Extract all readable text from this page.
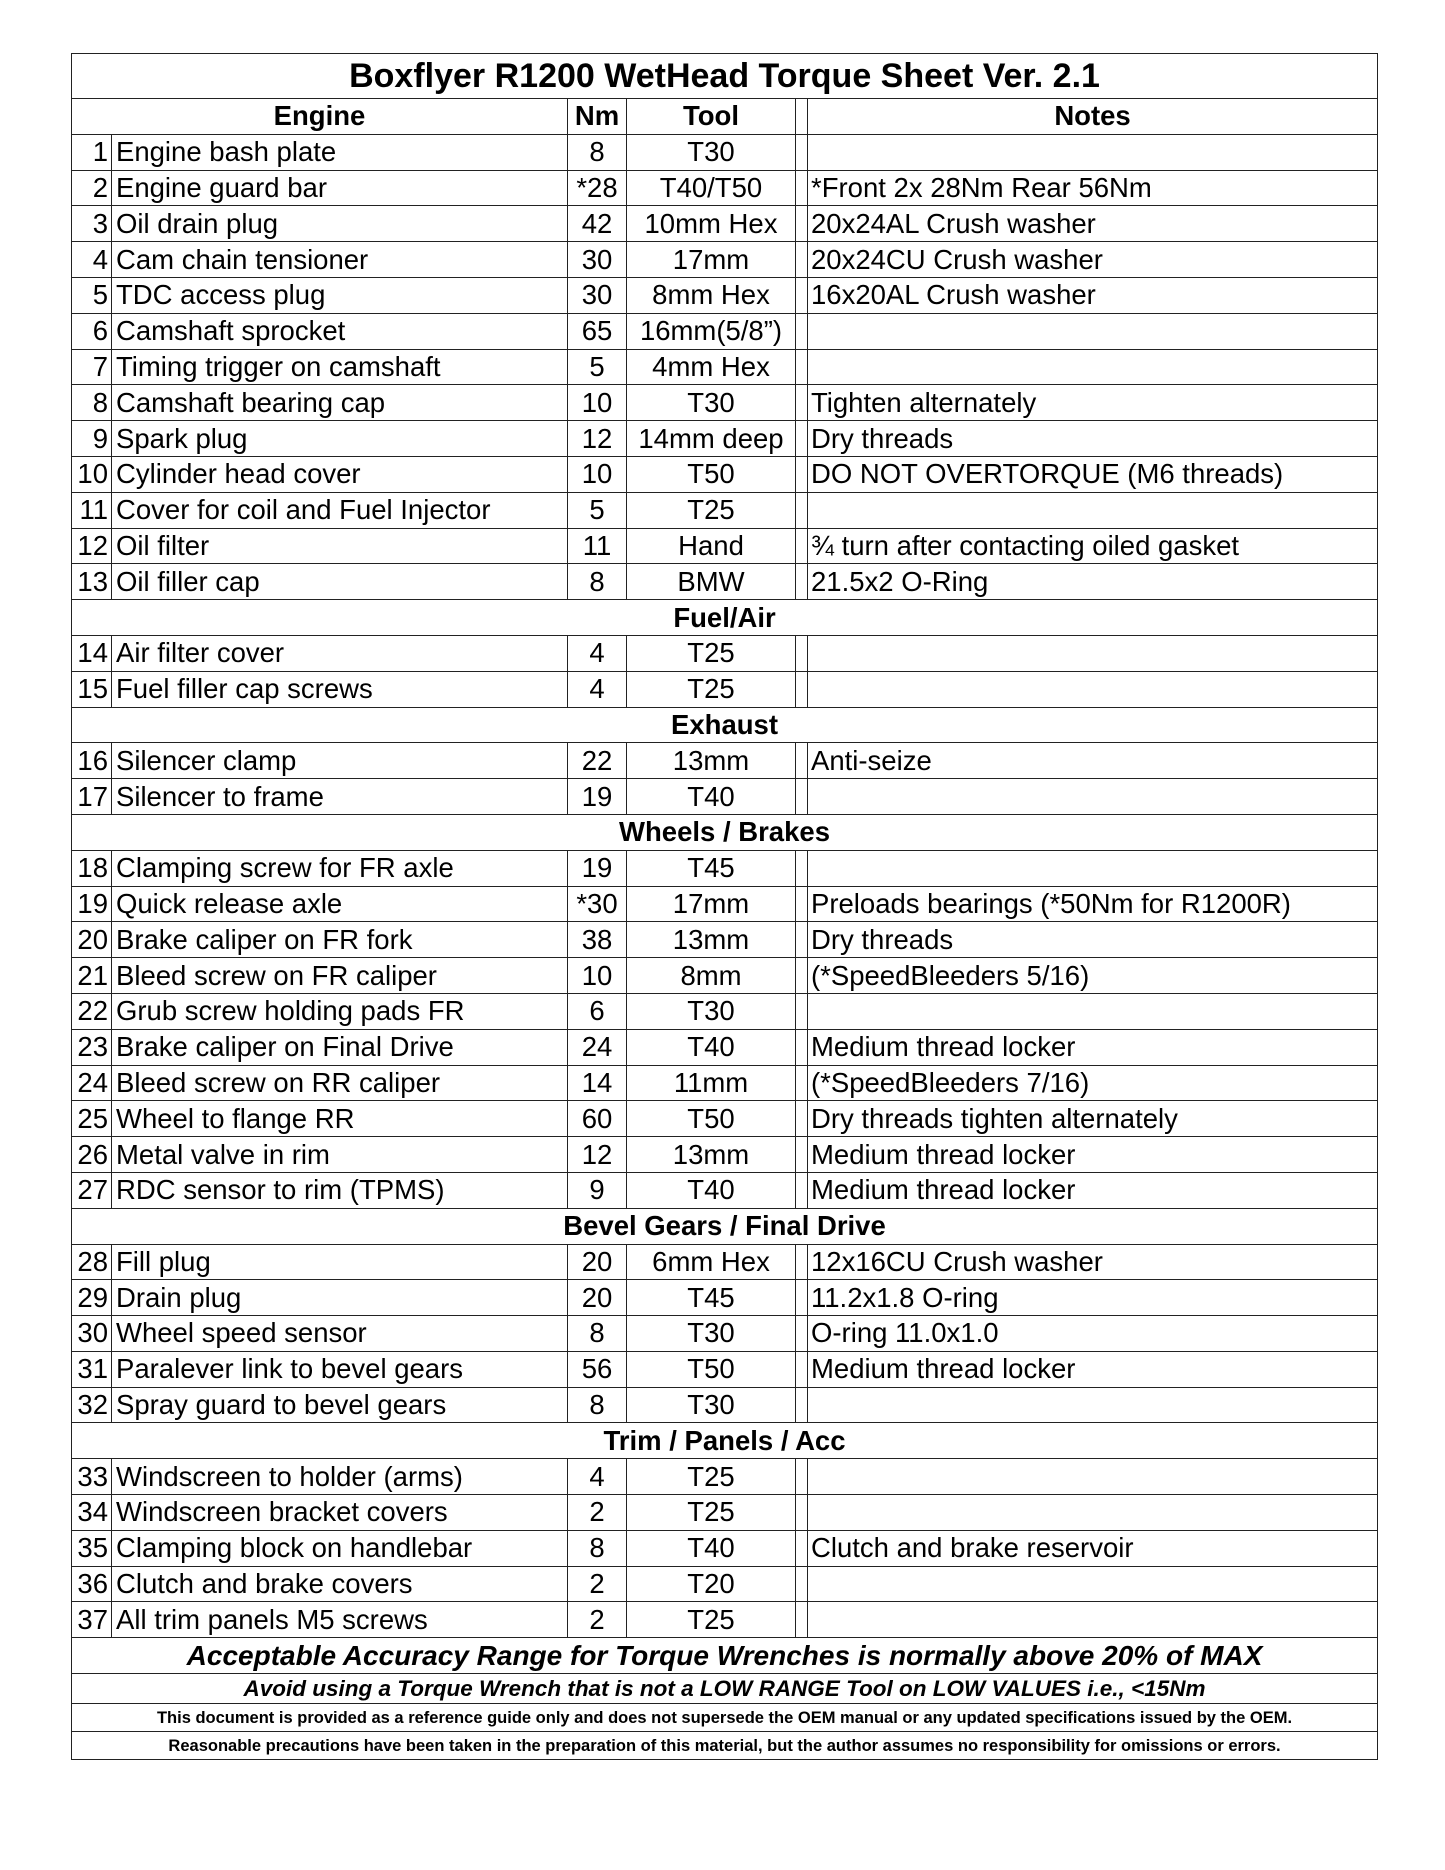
Boxflyer R1200 WetHead Torque Sheet Ver. 2.1					
Engine		Nm	Tool		Notes
1	Engine bash plate	8	T30		
2	Engine guard bar	*28	T40/T50		*Front 2x 28Nm Rear 56Nm
3	Oil drain plug	42	10mm Hex		20x24AL Crush washer
4	Cam chain tensioner	30	17mm		20x24CU Crush washer
5	TDC access plug	30	8mm Hex		16x20AL Crush washer
6	Camshaft sprocket	65	16mm(5/8”)		
7	Timing trigger on camshaft	5	4mm Hex		
8	Camshaft bearing cap	10	T30		Tighten alternately
9	Spark plug	12	14mm deep		Dry threads
10	Cylinder head cover	10	T50		DO NOT OVERTORQUE (M6 threads)
11	Cover for coil and Fuel Injector	5	T25		
12	Oil filter	11	Hand		¾ turn after contacting oiled gasket
13	Oil filler cap	8	BMW		21.5x2 O-Ring
Fuel/Air					
14	Air filter cover	4	T25		
15	Fuel filler cap screws	4	T25		
Exhaust					
16	Silencer clamp	22	13mm		Anti-seize
17	Silencer to frame	19	T40		
Wheels / Brakes					
18	Clamping screw for FR axle	19	T45		
19	Quick release axle	*30	17mm		Preloads bearings (*50Nm for R1200R)
20	Brake caliper on FR fork	38	13mm		Dry threads
21	Bleed screw on FR caliper	10	8mm		(*SpeedBleeders 5/16)
22	Grub screw holding pads FR	6	T30		
23	Brake caliper on Final Drive	24	T40		Medium thread locker
24	Bleed screw on RR caliper	14	11mm		(*SpeedBleeders 7/16)
25	Wheel to flange RR	60	T50		Dry threads tighten alternately
26	Metal valve in rim	12	13mm		Medium thread locker
27	RDC sensor to rim (TPMS)	9	T40		Medium thread locker
Bevel Gears / Final Drive					
28	Fill plug	20	6mm Hex		12x16CU Crush washer
29	Drain plug	20	T45		11.2x1.8 O-ring
30	Wheel speed sensor	8	T30		O-ring 11.0x1.0
31	Paralever link to bevel gears	56	T50		Medium thread locker
32	Spray guard to bevel gears	8	T30		
Trim / Panels / Acc					
33	Windscreen to holder (arms)	4	T25		
34	Windscreen bracket covers	2	T25		
35	Clamping block on handlebar	8	T40		Clutch and brake reservoir
36	Clutch and brake covers	2	T20		
37	All trim panels M5 screws	2	T25		
Acceptable Accuracy Range for Torque Wrenches is normally above 20% of MAX					
Avoid using a Torque Wrench that is not a LOW RANGE Tool on LOW VALUES i.e., <15Nm					
This document is provided as a reference guide only and does not supersede the OEM manual or any updated specifications issued by the OEM.					
Reasonable precautions have been taken in the preparation of this material, but the author assumes no responsibility for omissions or errors.					
